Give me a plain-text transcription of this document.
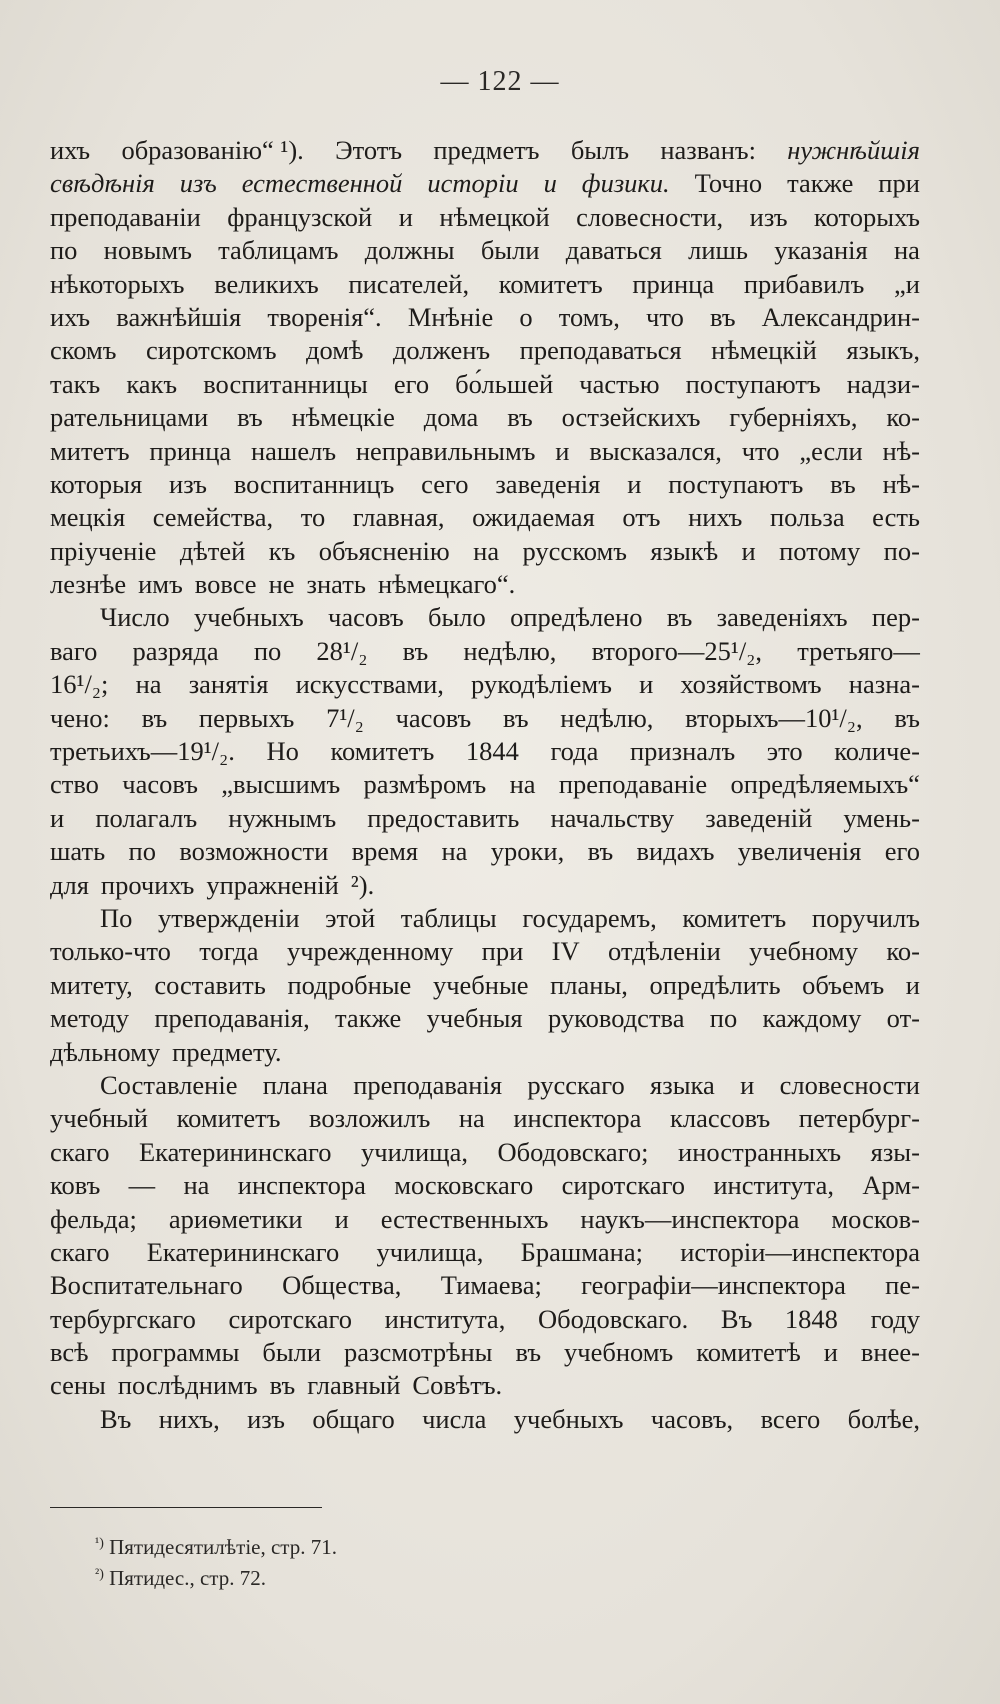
— 122 —
ихъ образованію“ ¹). Этотъ предметъ былъ названъ: нужнѣйшія
свѣдѣнія изъ естественной исторіи и физики. Точно также при
преподаваніи французской и нѣмецкой словесности, изъ которыхъ
по новымъ таблицамъ должны были даваться лишь указанія на
нѣкоторыхъ великихъ писателей, комитетъ принца прибавилъ „и
ихъ важнѣйшія творенія“. Мнѣніе о томъ, что въ Александрин-
скомъ сиротскомъ домѣ долженъ преподаваться нѣмецкій языкъ,
такъ какъ воспитанницы его бо́льшей частью поступаютъ надзи-
рательницами въ нѣмецкіе дома въ остзейскихъ губерніяхъ, ко-
митетъ принца нашелъ неправильнымъ и высказался, что „если нѣ-
которыя изъ воспитанницъ сего заведенія и поступаютъ въ нѣ-
мецкія семейства, то главная, ожидаемая отъ нихъ польза есть
пріученіе дѣтей къ объясненію на русскомъ языкѣ и потому по-
лезнѣе имъ вовсе не знать нѣмецкаго“.
Число учебныхъ часовъ было опредѣлено въ заведеніяхъ пер-
ваго разряда по 28¹/₂ въ недѣлю, второго—25¹/₂, третьяго—
16¹/₂; на занятія искусствами, рукодѣліемъ и хозяйствомъ назна-
чено: въ первыхъ 7¹/₂ часовъ въ недѣлю, вторыхъ—10¹/₂, въ
третьихъ—19¹/₂. Но комитетъ 1844 года призналъ это количе-
ство часовъ „высшимъ размѣромъ на преподаваніе опредѣляемыхъ“
и полагалъ нужнымъ предоставить начальству заведеній умень-
шать по возможности время на уроки, въ видахъ увеличенія его
для прочихъ упражненій ²).
По утвержденіи этой таблицы государемъ, комитетъ поручилъ
только-что тогда учрежденному при IV отдѣленіи учебному ко-
митету, составить подробные учебные планы, опредѣлить объемъ и
методу преподаванія, также учебныя руководства по каждому от-
дѣльному предмету.
Составленіе плана преподаванія русскаго языка и словесности
учебный комитетъ возложилъ на инспектора классовъ петербург-
скаго Екатерининскаго училища, Ободовскаго; иностранныхъ язы-
ковъ — на инспектора московскаго сиротскаго института, Арм-
фельда; ариѳметики и естественныхъ наукъ—инспектора москов-
скаго Екатерининскаго училища, Брашмана; исторіи—инспектора
Воспитательнаго Общества, Тимаева; географіи—инспектора пе-
тербургскаго сиротскаго института, Ободовскаго. Въ 1848 году
всѣ программы были разсмотрѣны въ учебномъ комитетѣ и внее-
сены послѣднимъ въ главный Совѣтъ.
Въ нихъ, изъ общаго числа учебныхъ часовъ, всего болѣе,
$^{^1)}$ Пятидесятилѣтіе, стр. 71.
$^{^2)}$ Пятидес., стр. 72.
